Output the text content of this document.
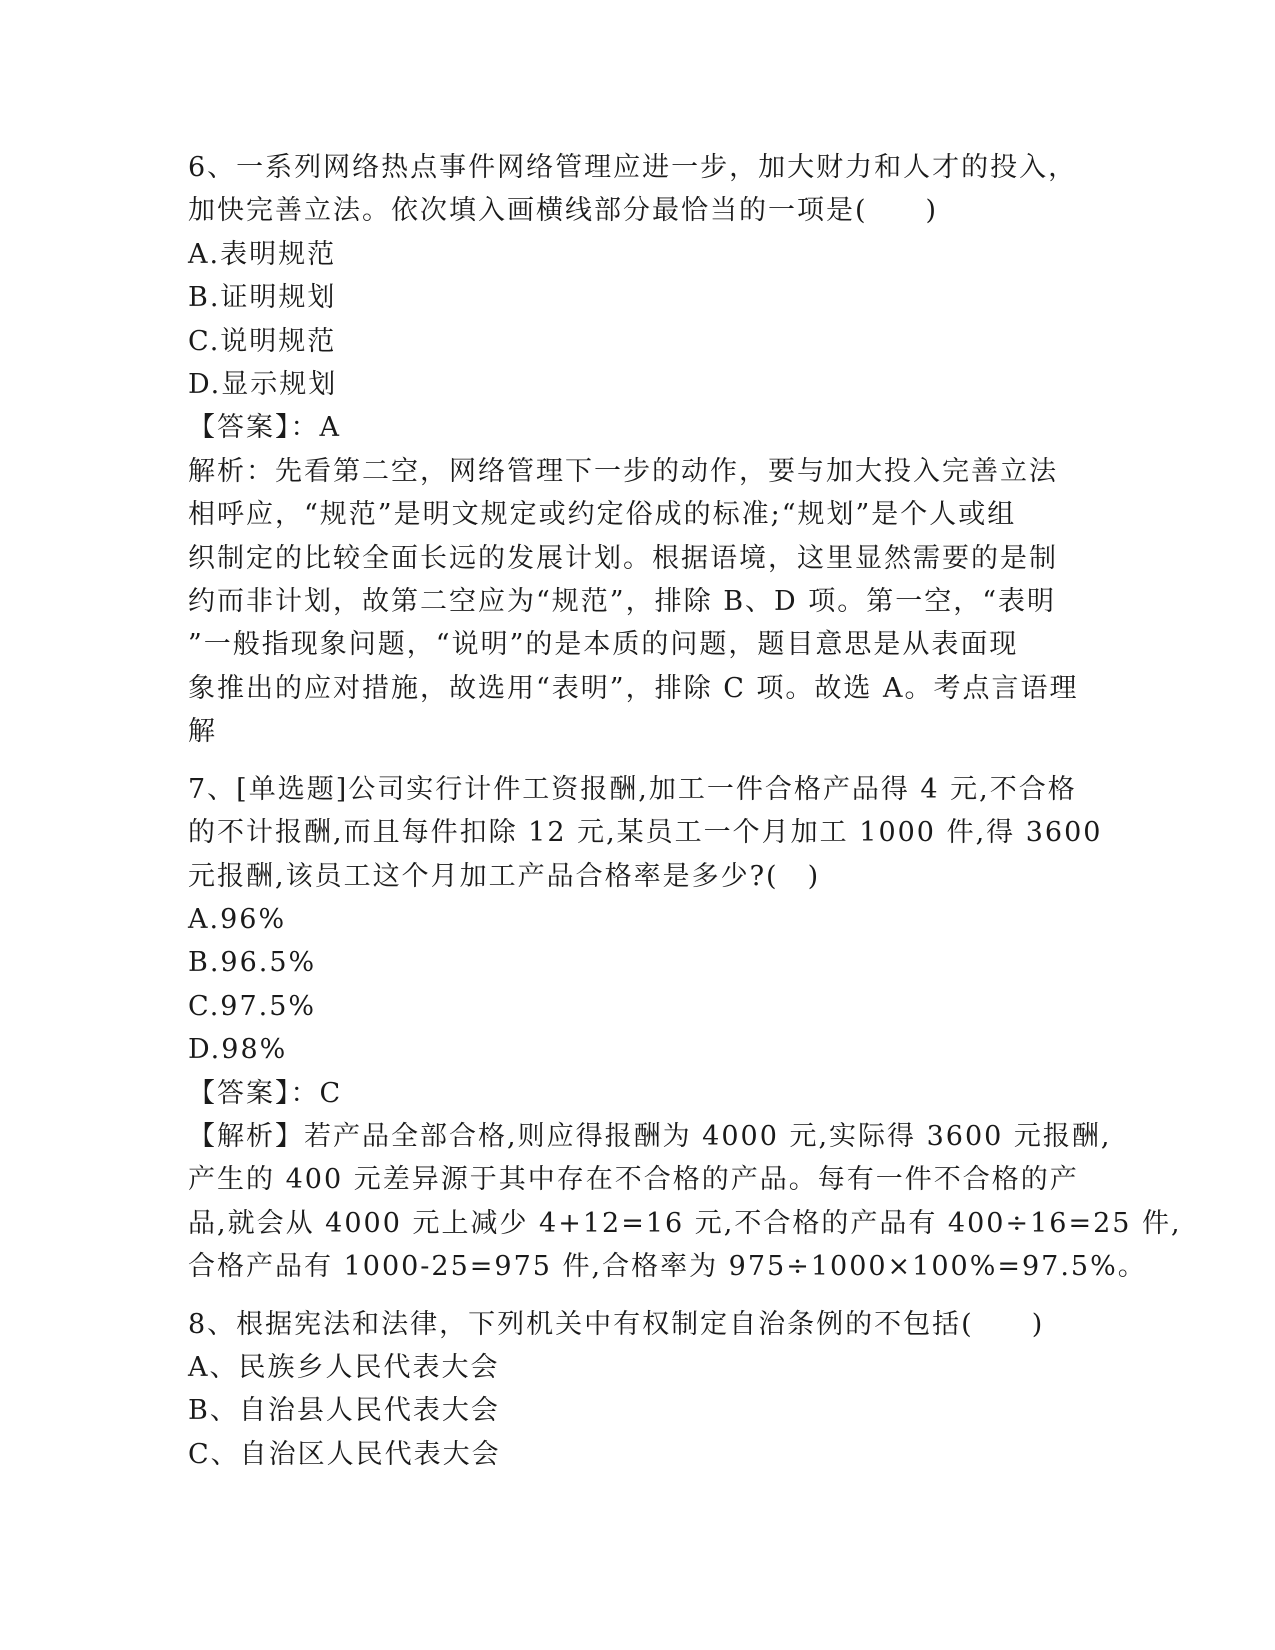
6、一系列网络热点事件网络管理应进一步，加大财力和人才的投入，
加快完善立法。依次填入画横线部分最恰当的一项是(　　)
A.表明规范
B.证明规划
C.说明规范
D.显示规划
【答案】：A
解析：先看第二空，网络管理下一步的动作，要与加大投入完善立法
相呼应，“规范”是明文规定或约定俗成的标准;“规划”是个人或组
织制定的比较全面长远的发展计划。根据语境，这里显然需要的是制
约而非计划，故第二空应为“规范”，排除 B、D 项。第一空，“表明
”一般指现象问题，“说明”的是本质的问题，题目意思是从表面现
象推出的应对措施，故选用“表明”，排除 C 项。故选 A。考点言语理
解
7、[单选题]公司实行计件工资报酬,加工一件合格产品得 4 元,不合格
的不计报酬,而且每件扣除 12 元,某员工一个月加工 1000 件,得 3600
元报酬,该员工这个月加工产品合格率是多少?(　)
A.96%
B.96.5%
C.97.5%
D.98%
【答案】：C
【解析】若产品全部合格,则应得报酬为 4000 元,实际得 3600 元报酬,
产生的 400 元差异源于其中存在不合格的产品。每有一件不合格的产
品,就会从 4000 元上减少 4+12=16 元,不合格的产品有 400÷16=25 件,
合格产品有 1000-25=975 件,合格率为 975÷1000×100%=97.5%。
8、根据宪法和法律，下列机关中有权制定自治条例的不包括(　　)
A、民族乡人民代表大会
B、自治县人民代表大会
C、自治区人民代表大会
